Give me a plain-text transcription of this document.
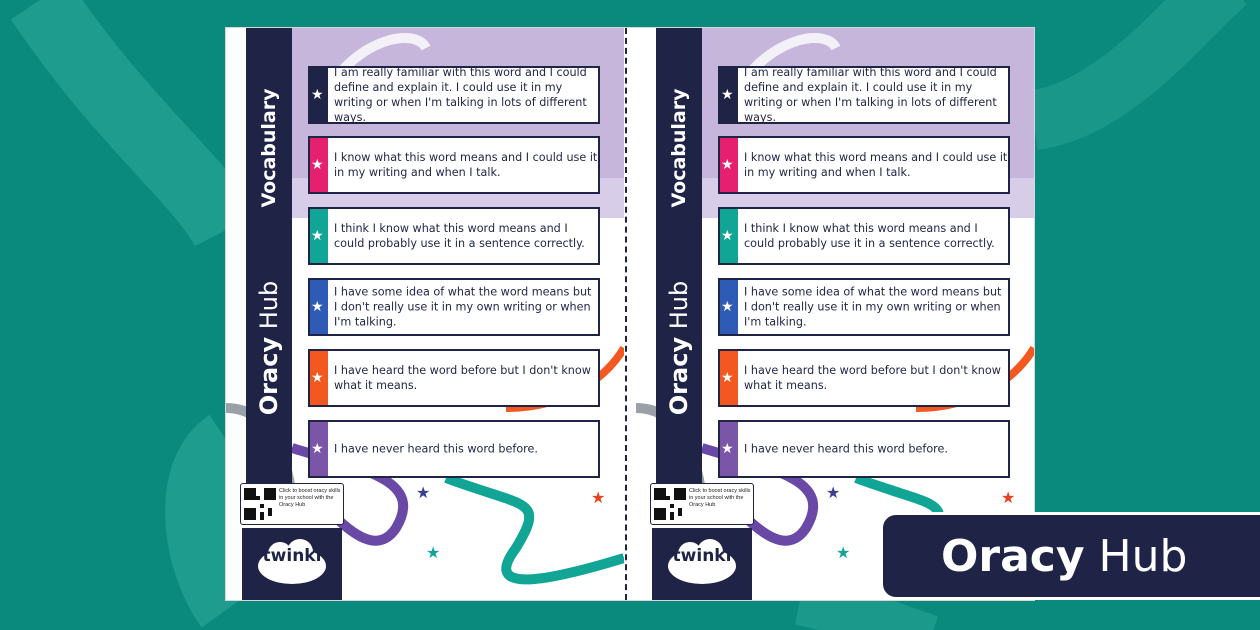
★
★
★
Vocabulary
Oracy Hub
Click to boost oracy skills in your school with the Oracy Hub
twinkl
★
I am really familiar with this word and I could define and explain it. I could use it in my writing or when I'm talking in lots of different ways.
★ I know what this word means and I could use it in my writing and when I talk.
★ I think I know what this word means and I could probably use it in a sentence correctly.
★
I have some idea of what the word means but I don't really use it in my own writing or when I'm talking.
★ I have heard the word before but I don't know what it means.
★ I have never heard this word before.
★
★
★
Vocabulary
Oracy Hub
Click to boost oracy skills in your school with the Oracy Hub
twinkl
★
I am really familiar with this word and I could define and explain it. I could use it in my writing or when I'm talking in lots of different ways.
★ I know what this word means and I could use it in my writing and when I talk.
★ I think I know what this word means and I could probably use it in a sentence correctly.
★
I have some idea of what the word means but I don't really use it in my own writing or when I'm talking.
★ I have heard the word before but I don't know what it means.
★ I have never heard this word before.
Oracy Hub
